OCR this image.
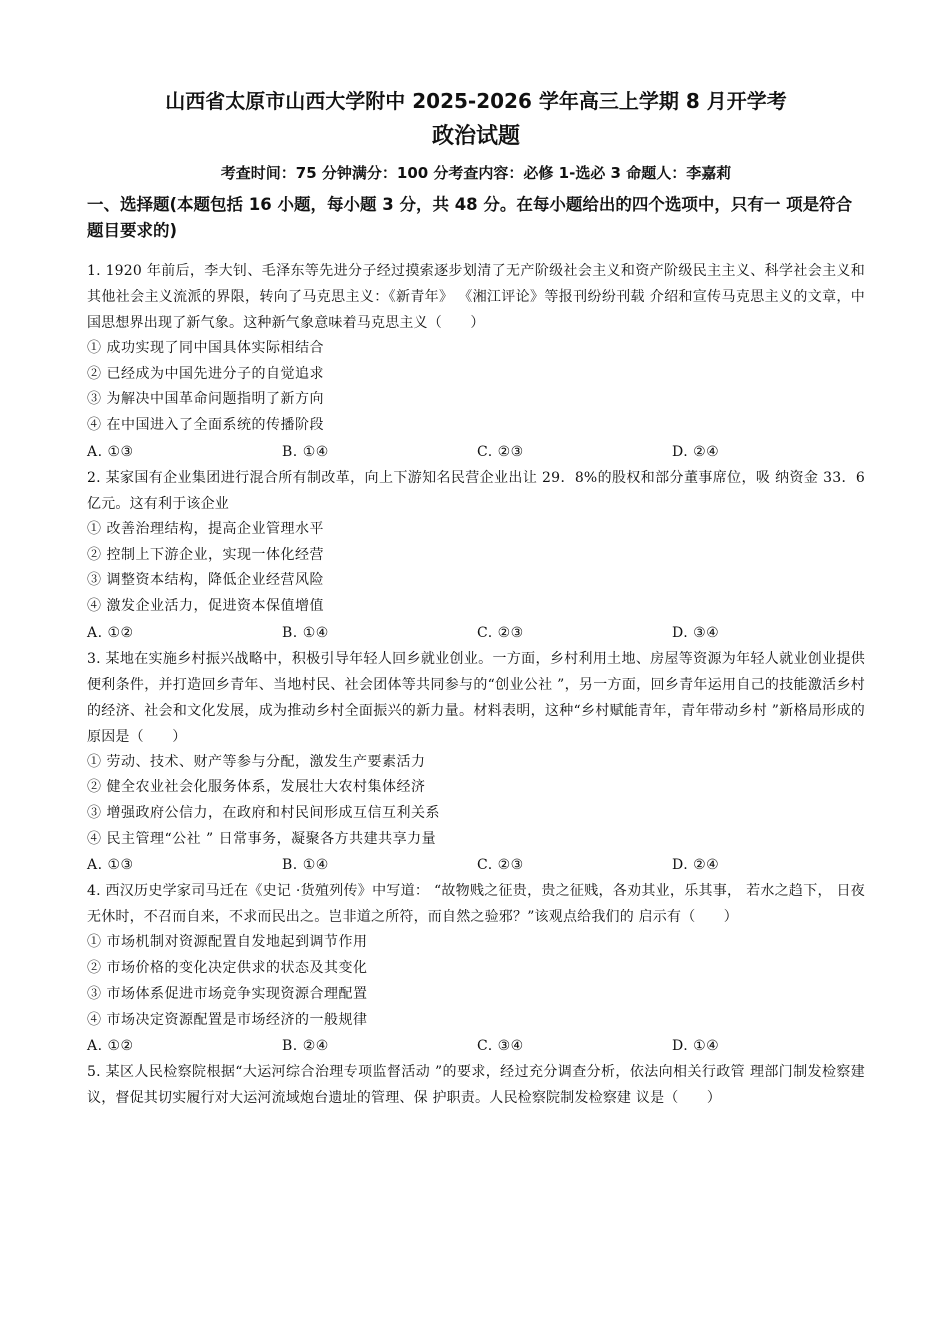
山西省太原市山西大学附中 2025-2026 学年高三上学期 8 月开学考
政治试题
考查时间：75 分钟满分：100 分考查内容：必修 1-选必 3 命题人：李嘉莉
一、选择题(本题包括 16 小题，每小题 3 分，共 48 分。在每小题给出的四个选项中，只有一 项是符合题目要求的)

1. 1920 年前后，李大钊、毛泽东等先进分子经过摸索逐步划清了无产阶级社会主义和资产阶级民主主义、科学社会主义和其他社会主义流派的界限，转向了马克思主义：《新青年》 《湘江评论》等报刊纷纷刊载 介绍和宣传马克思主义的文章，中国思想界出现了新气象。这种新气象意味着马克思主义（　　）

① 成功实现了同中国具体实际相结合

② 已经成为中国先进分子的自觉追求

③ 为解决中国革命问题指明了新方向

④ 在中国进入了全面系统的传播阶段

A. ①③	B. ①④	C. ②③	D. ②④

2. 某家国有企业集团进行混合所有制改革，向上下游知名民营企业出让 29．8%的股权和部分董事席位，吸 纳资金 33．6 亿元。这有利于该企业

① 改善治理结构，提高企业管理水平

② 控制上下游企业，实现一体化经营

③ 调整资本结构，降低企业经营风险

④ 激发企业活力，促进资本保值增值

A. ①②	B. ①④	C. ②③	D. ③④

3. 某地在实施乡村振兴战略中，积极引导年轻人回乡就业创业。一方面，乡村利用土地、房屋等资源为年轻人就业创业提供便利条件，并打造回乡青年、当地村民、社会团体等共同参与的“创业公社 ”，另一方面，回乡青年运用自己的技能激活乡村的经济、社会和文化发展，成为推动乡村全面振兴的新力量。材料表明，这种“乡村赋能青年，青年带动乡村 ”新格局形成的原因是（　　）

① 劳动、技术、财产等参与分配，激发生产要素活力

② 健全农业社会化服务体系，发展壮大农村集体经济

③ 增强政府公信力，在政府和村民间形成互信互利关系

④ 民主管理“公社 ” 日常事务，凝聚各方共建共享力量

A. ①③	B. ①④	C. ②③	D. ②④

4. 西汉历史学家司马迁在《史记 ·货殖列传》中写道： “故物贱之征贵，贵之征贱，各劝其业，乐其事， 若水之趋下， 日夜无休时，不召而自来，不求而民出之。岂非道之所符，而自然之验邪？”该观点给我们的 启示有（　　）

① 市场机制对资源配置自发地起到调节作用

② 市场价格的变化决定供求的状态及其变化

③ 市场体系促进市场竞争实现资源合理配置

④ 市场决定资源配置是市场经济的一般规律

A. ①②	B. ②④	C. ③④	D. ①④

5. 某区人民检察院根据“大运河综合治理专项监督活动 ”的要求，经过充分调查分析，依法向相关行政管 理部门制发检察建议，督促其切实履行对大运河流域炮台遗址的管理、保 护职责。人民检察院制发检察建 议是（　　）
